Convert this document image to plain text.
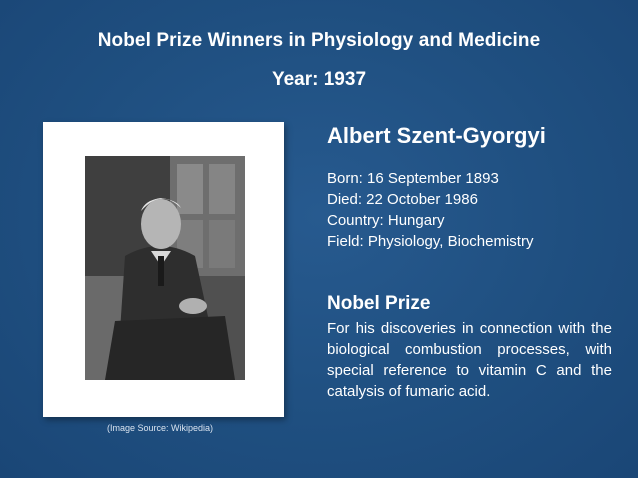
Nobel Prize Winners in Physiology and Medicine
Year: 1937
(Image Source: Wikipedia)
Albert Szent-Gyorgyi
Born: 16 September 1893
Died: 22 October 1986
Country: Hungary
Field: Physiology, Biochemistry
Nobel Prize
For his discoveries in connection with the biological combustion processes, with special reference to vitamin C and the catalysis of fumaric acid.
